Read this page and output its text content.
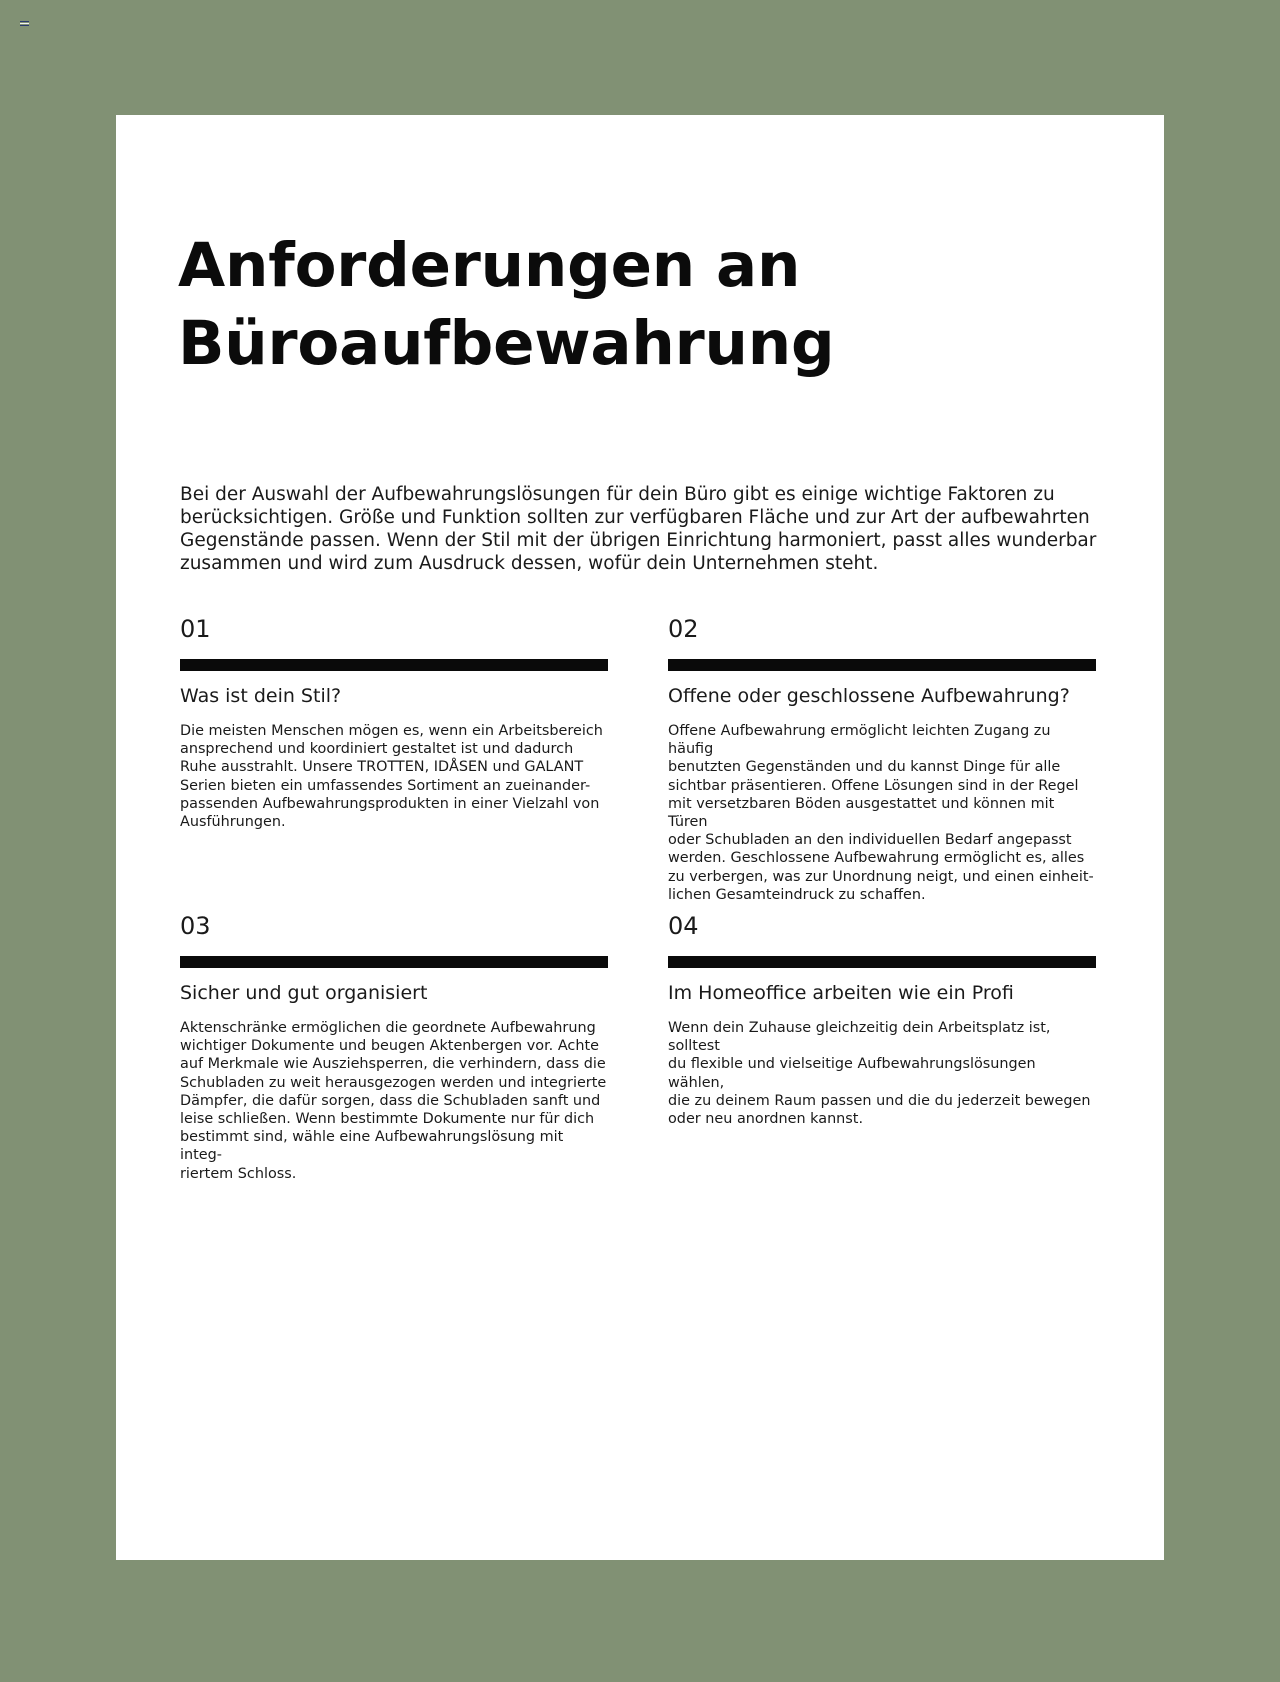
Anforderungen an Büroaufbewahrung

Bei der Auswahl der Aufbewahrungslösungen für dein Büro gibt es einige wichtige Faktoren zu berücksichtigen. Größe und Funktion sollten zur verfügbaren Fläche und zur Art der aufbewahrten Gegenstände passen. Wenn der Stil mit der übrigen Einrichtung harmoniert, passt alles wunderbar zusammen und wird zum Ausdruck dessen, wofür dein Unternehmen steht.

01
Was ist dein Stil?
Die meisten Menschen mögen es, wenn ein Arbeitsbereich
ansprechend und koordiniert gestaltet ist und dadurch
Ruhe ausstrahlt. Unsere TROTTEN, IDÅSEN und GALANT
Serien bieten ein umfassendes Sortiment an zueinander-
passenden Aufbewahrungsprodukten in einer Vielzahl von
Ausführungen.
02
Offene oder geschlossene Aufbewahrung?
Offene Aufbewahrung ermöglicht leichten Zugang zu häufig
benutzten Gegenständen und du kannst Dinge für alle
sichtbar präsentieren. Offene Lösungen sind in der Regel
mit versetzbaren Böden ausgestattet und können mit Türen
oder Schubladen an den individuellen Bedarf angepasst
werden. Geschlossene Aufbewahrung ermöglicht es, alles
zu verbergen, was zur Unordnung neigt, und einen einheit-
lichen Gesamteindruck zu schaffen.
03
Sicher und gut organisiert
Aktenschränke ermöglichen die geordnete Aufbewahrung
wichtiger Dokumente und beugen Aktenbergen vor. Achte
auf Merkmale wie Ausziehsperren, die verhindern, dass die
Schubladen zu weit herausgezogen werden und integrierte
Dämpfer, die dafür sorgen, dass die Schubladen sanft und
leise schließen. Wenn bestimmte Dokumente nur für dich
bestimmt sind, wähle eine Aufbewahrungslösung mit integ-
riertem Schloss.
04
Im Homeoffice arbeiten wie ein Profi
Wenn dein Zuhause gleichzeitig dein Arbeitsplatz ist, solltest
du flexible und vielseitige Aufbewahrungslösungen wählen,
die zu deinem Raum passen und die du jederzeit bewegen
oder neu anordnen kannst.
